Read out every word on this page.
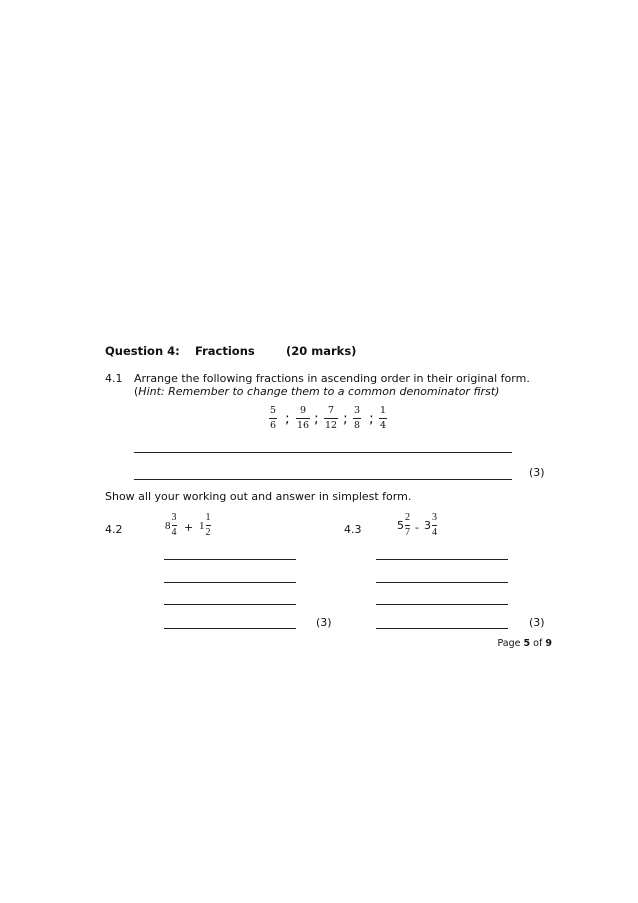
Question 4: Fractions	(20 marks)
4.1 Arrange the following fractions in ascending order in their original form.
(Hint: Remember to change them to a common denominator first)
5
6 ;
9
16 ;
7
12 ;
3
8 ;
1
4
(3)
Show all your working out and answer in simplest form.
4.2	8
3
4 + 1
1
2	4.3	5
2
7 - 3
3
4
(3)	(3)
Page 5 of 9
